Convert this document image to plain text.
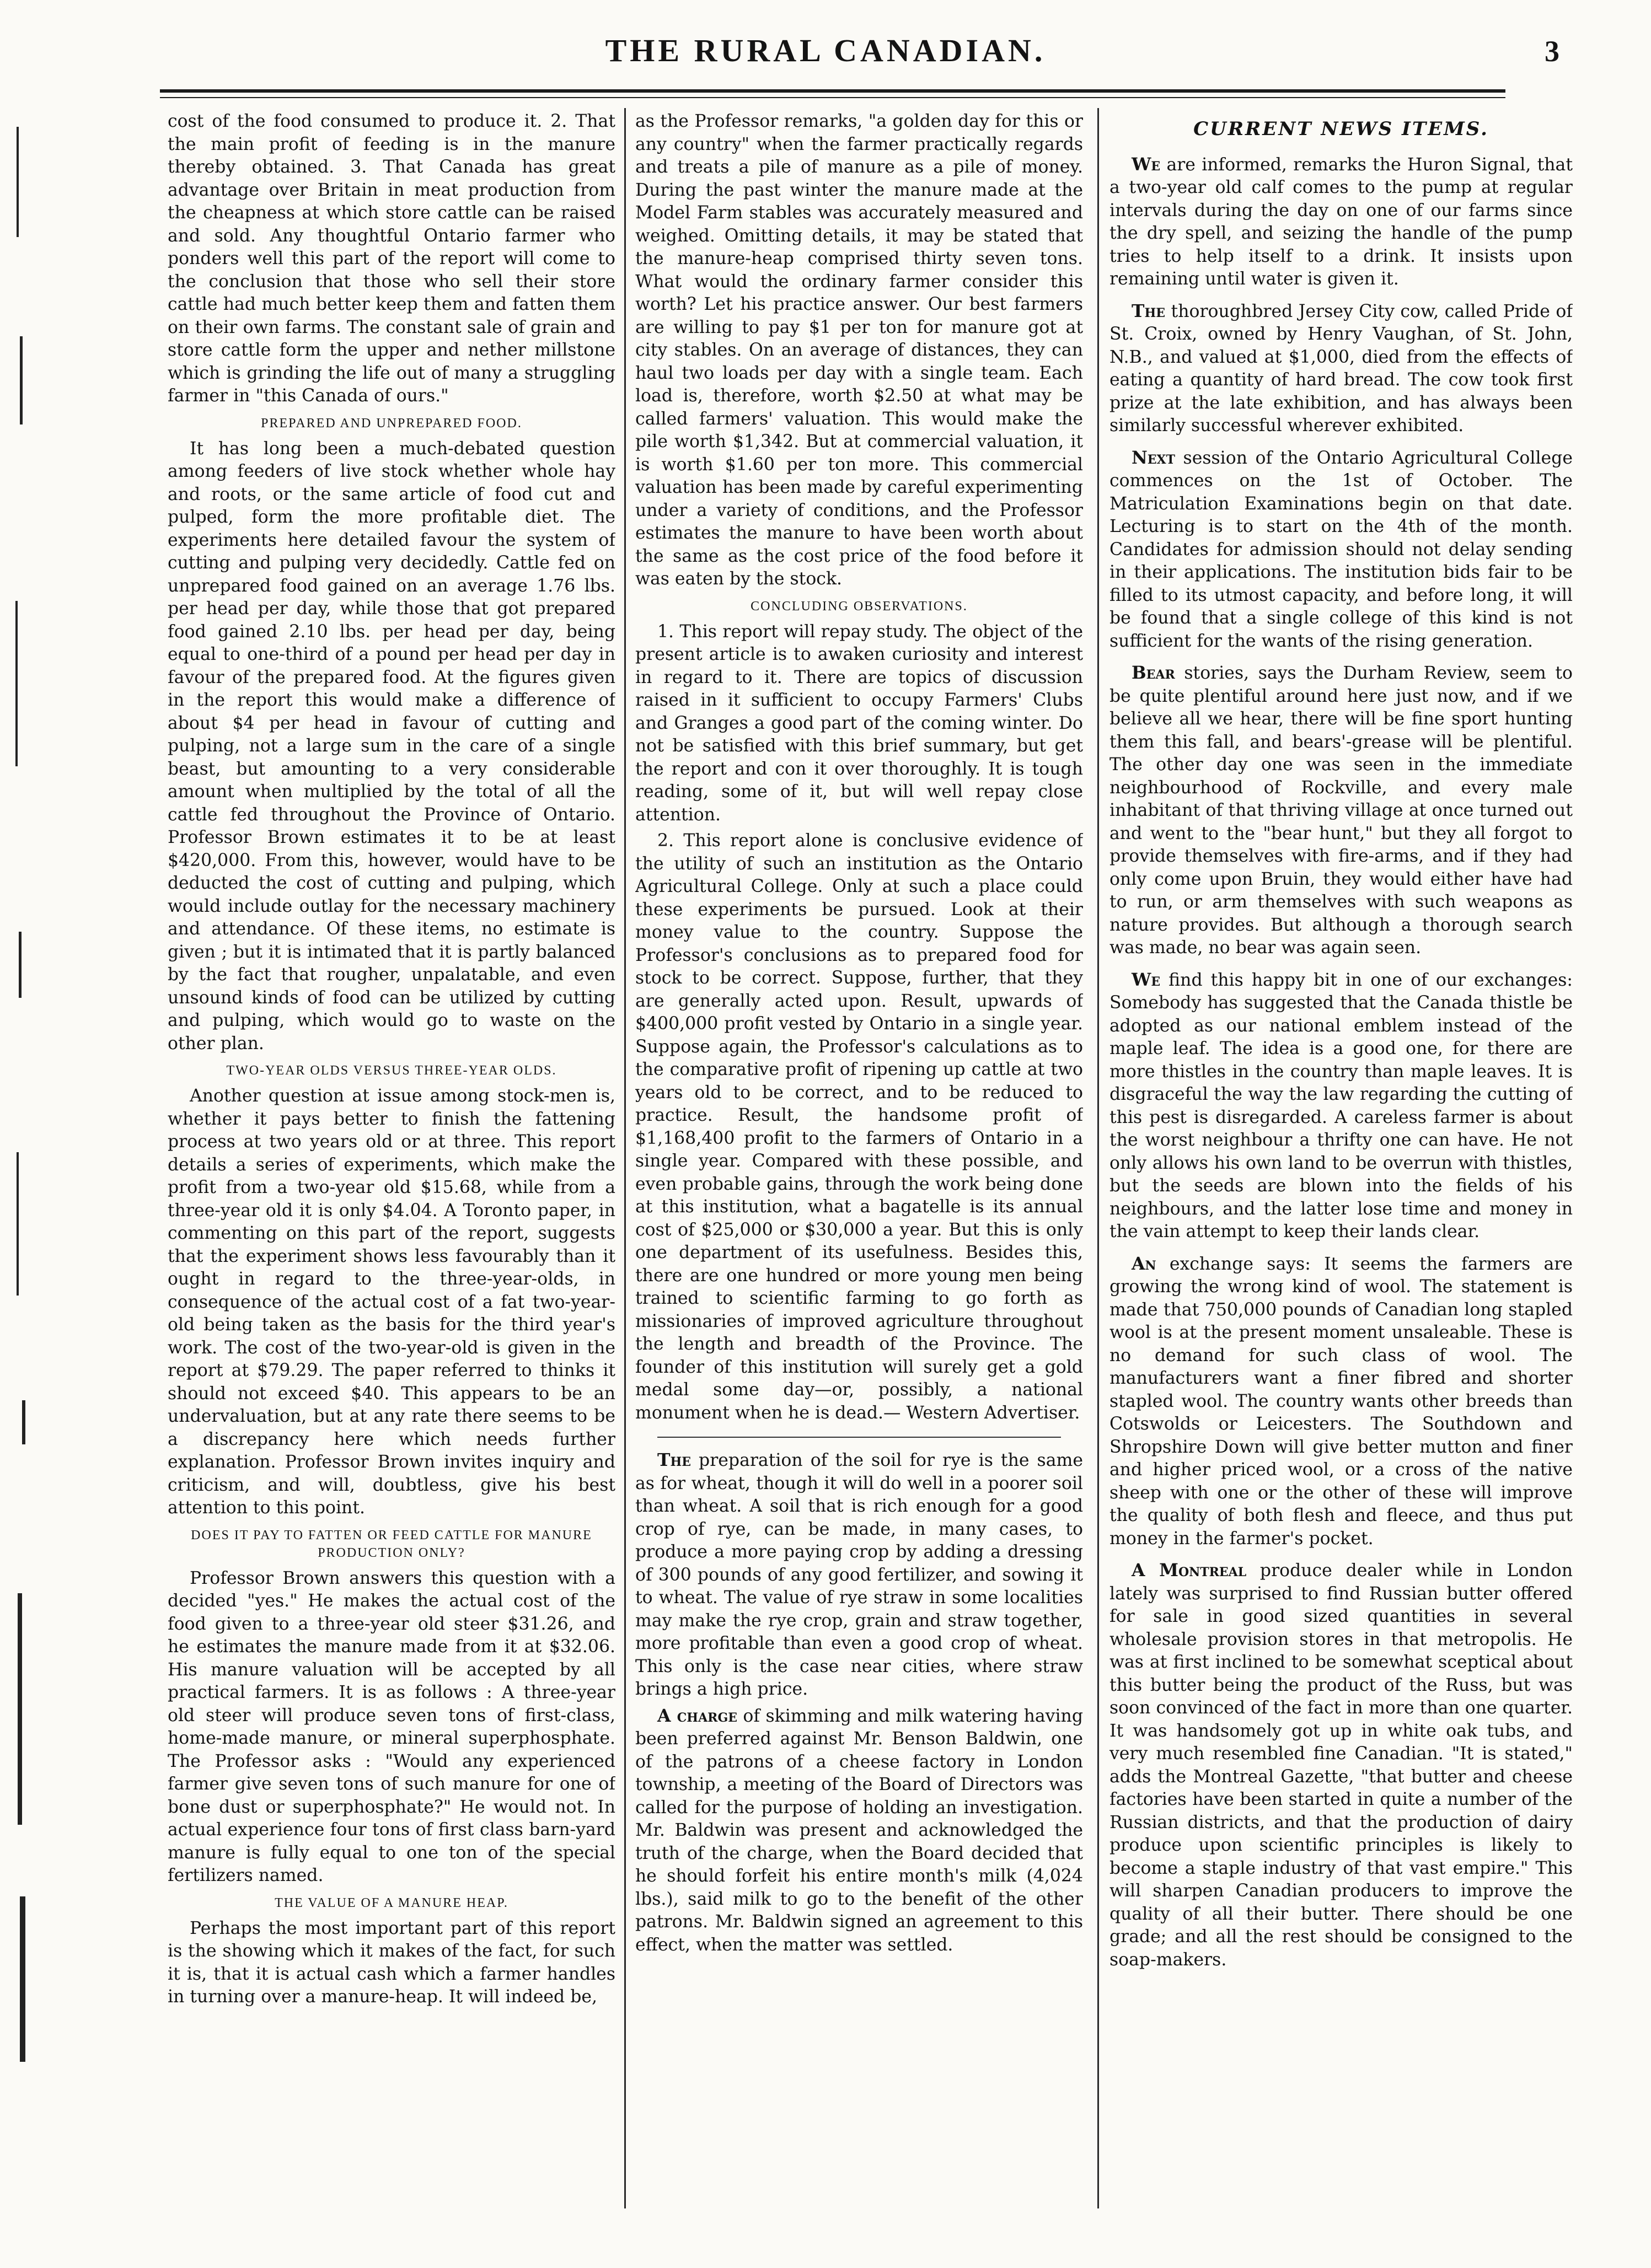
THE RURAL CANADIAN.	3

cost of the food consumed to produce it. 2. That the main profit of feeding is in the manure thereby obtained. 3. That Canada has great advantage over Britain in meat production from the cheapness at which store cattle can be raised and sold. Any thoughtful Ontario farmer who ponders well this part of the report will come to the conclusion that those who sell their store cattle had much better keep them and fatten them on their own farms. The constant sale of grain and store cattle form the upper and nether millstone which is grinding the life out of many a struggling farmer in "this Canada of ours."

PREPARED AND UNPREPARED FOOD.

It has long been a much-debated question among feeders of live stock whether whole hay and roots, or the same article of food cut and pulped, form the more profitable diet. The experiments here detailed favour the system of cutting and pulping very decidedly. Cattle fed on unprepared food gained on an average 1.76 lbs. per head per day, while those that got prepared food gained 2.10 lbs. per head per day, being equal to one-third of a pound per head per day in favour of the prepared food. At the figures given in the report this would make a difference of about $4 per head in favour of cutting and pulping, not a large sum in the care of a single beast, but amounting to a very considerable amount when multiplied by the total of all the cattle fed throughout the Province of Ontario. Professor Brown estimates it to be at least $420,000. From this, however, would have to be deducted the cost of cutting and pulping, which would include outlay for the necessary machinery and attendance. Of these items, no estimate is given ; but it is intimated that it is partly balanced by the fact that rougher, unpalatable, and even unsound kinds of food can be utilized by cutting and pulping, which would go to waste on the other plan.

TWO-YEAR OLDS VERSUS THREE-YEAR OLDS.

Another question at issue among stock-men is, whether it pays better to finish the fattening process at two years old or at three. This report details a series of experiments, which make the profit from a two-year old $15.68, while from a three-year old it is only $4.04. A Toronto paper, in commenting on this part of the report, suggests that the experiment shows less favourably than it ought in regard to the three-year-olds, in consequence of the actual cost of a fat two-year-old being taken as the basis for the third year's work. The cost of the two-year-old is given in the report at $79.29. The paper referred to thinks it should not exceed $40. This appears to be an undervaluation, but at any rate there seems to be a discrepancy here which needs further explanation. Professor Brown invites inquiry and criticism, and will, doubtless, give his best attention to this point.

DOES IT PAY TO FATTEN OR FEED CATTLE FOR MANURE PRODUCTION ONLY?

Professor Brown answers this question with a decided "yes." He makes the actual cost of the food given to a three-year old steer $31.26, and he estimates the manure made from it at $32.06. His manure valuation will be accepted by all practical farmers. It is as follows : A three-year old steer will produce seven tons of first-class, home-made manure, or mineral superphosphate. The Professor asks : "Would any experienced farmer give seven tons of such manure for one of bone dust or superphosphate?" He would not. In actual experience four tons of first class barn-yard manure is fully equal to one ton of the special fertilizers named.

THE VALUE OF A MANURE HEAP.

Perhaps the most important part of this report is the showing which it makes of the fact, for such it is, that it is actual cash which a farmer handles in turning over a manure-heap. It will indeed be,

as the Professor remarks, "a golden day for this or any country" when the farmer practically regards and treats a pile of manure as a pile of money. During the past winter the manure made at the Model Farm stables was accurately measured and weighed. Omitting details, it may be stated that the manure-heap comprised thirty seven tons. What would the ordinary farmer consider this worth? Let his practice answer. Our best farmers are willing to pay $1 per ton for manure got at city stables. On an average of distances, they can haul two loads per day with a single team. Each load is, therefore, worth $2.50 at what may be called farmers' valuation. This would make the pile worth $1,342. But at commercial valuation, it is worth $1.60 per ton more. This commercial valuation has been made by careful experimenting under a variety of conditions, and the Professor estimates the manure to have been worth about the same as the cost price of the food before it was eaten by the stock.

CONCLUDING OBSERVATIONS.

1. This report will repay study. The object of the present article is to awaken curiosity and interest in regard to it. There are topics of discussion raised in it sufficient to occupy Farmers' Clubs and Granges a good part of the coming winter. Do not be satisfied with this brief summary, but get the report and con it over thoroughly. It is tough reading, some of it, but will well repay close attention.

2. This report alone is conclusive evidence of the utility of such an institution as the Ontario Agricultural College. Only at such a place could these experiments be pursued. Look at their money value to the country. Suppose the Professor's conclusions as to prepared food for stock to be correct. Suppose, further, that they are generally acted upon. Result, upwards of $400,000 profit vested by Ontario in a single year. Suppose again, the Professor's calculations as to the comparative profit of ripening up cattle at two years old to be correct, and to be reduced to practice. Result, the handsome profit of $1,168,400 profit to the farmers of Ontario in a single year. Compared with these possible, and even probable gains, through the work being done at this institution, what a bagatelle is its annual cost of $25,000 or $30,000 a year. But this is only one department of its usefulness. Besides this, there are one hundred or more young men being trained to scientific farming to go forth as missionaries of improved agriculture throughout the length and breadth of the Province. The founder of this institution will surely get a gold medal some day—or, possibly, a national monument when he is dead.— Western Advertiser.

The preparation of the soil for rye is the same as for wheat, though it will do well in a poorer soil than wheat. A soil that is rich enough for a good crop of rye, can be made, in many cases, to produce a more paying crop by adding a dressing of 300 pounds of any good fertilizer, and sowing it to wheat. The value of rye straw in some localities may make the rye crop, grain and straw together, more profitable than even a good crop of wheat. This only is the case near cities, where straw brings a high price.

A charge of skimming and milk watering having been preferred against Mr. Benson Baldwin, one of the patrons of a cheese factory in London township, a meeting of the Board of Directors was called for the purpose of holding an investigation. Mr. Baldwin was present and acknowledged the truth of the charge, when the Board decided that he should forfeit his entire month's milk (4,024 lbs.), said milk to go to the benefit of the other patrons. Mr. Baldwin signed an agreement to this effect, when the matter was settled.

CURRENT NEWS ITEMS.

We are informed, remarks the Huron Signal, that a two-year old calf comes to the pump at regular intervals during the day on one of our farms since the dry spell, and seizing the handle of the pump tries to help itself to a drink. It insists upon remaining until water is given it.

The thoroughbred Jersey City cow, called Pride of St. Croix, owned by Henry Vaughan, of St. John, N.B., and valued at $1,000, died from the effects of eating a quantity of hard bread. The cow took first prize at the late exhibition, and has always been similarly successful wherever exhibited.

Next session of the Ontario Agricultural College commences on the 1st of October. The Matriculation Examinations begin on that date. Lecturing is to start on the 4th of the month. Candidates for admission should not delay sending in their applications. The institution bids fair to be filled to its utmost capacity, and before long, it will be found that a single college of this kind is not sufficient for the wants of the rising generation.

Bear stories, says the Durham Review, seem to be quite plentiful around here just now, and if we believe all we hear, there will be fine sport hunting them this fall, and bears'-grease will be plentiful. The other day one was seen in the immediate neighbourhood of Rockville, and every male inhabitant of that thriving village at once turned out and went to the "bear hunt," but they all forgot to provide themselves with fire-arms, and if they had only come upon Bruin, they would either have had to run, or arm themselves with such weapons as nature provides. But although a thorough search was made, no bear was again seen.

We find this happy bit in one of our exchanges: Somebody has suggested that the Canada thistle be adopted as our national emblem instead of the maple leaf. The idea is a good one, for there are more thistles in the country than maple leaves. It is disgraceful the way the law regarding the cutting of this pest is disregarded. A careless farmer is about the worst neighbour a thrifty one can have. He not only allows his own land to be overrun with thistles, but the seeds are blown into the fields of his neighbours, and the latter lose time and money in the vain attempt to keep their lands clear.

An exchange says: It seems the farmers are growing the wrong kind of wool. The statement is made that 750,000 pounds of Canadian long stapled wool is at the present moment unsaleable. These is no demand for such class of wool. The manufacturers want a finer fibred and shorter stapled wool. The country wants other breeds than Cotswolds or Leicesters. The Southdown and Shropshire Down will give better mutton and finer and higher priced wool, or a cross of the native sheep with one or the other of these will improve the quality of both flesh and fleece, and thus put money in the farmer's pocket.

A Montreal produce dealer while in London lately was surprised to find Russian butter offered for sale in good sized quantities in several wholesale provision stores in that metropolis. He was at first inclined to be somewhat sceptical about this butter being the product of the Russ, but was soon convinced of the fact in more than one quarter. It was handsomely got up in white oak tubs, and very much resembled fine Canadian. "It is stated," adds the Montreal Gazette, "that butter and cheese factories have been started in quite a number of the Russian districts, and that the production of dairy produce upon scientific principles is likely to become a staple industry of that vast empire." This will sharpen Canadian producers to improve the quality of all their butter. There should be one grade; and all the rest should be consigned to the soap-makers.
